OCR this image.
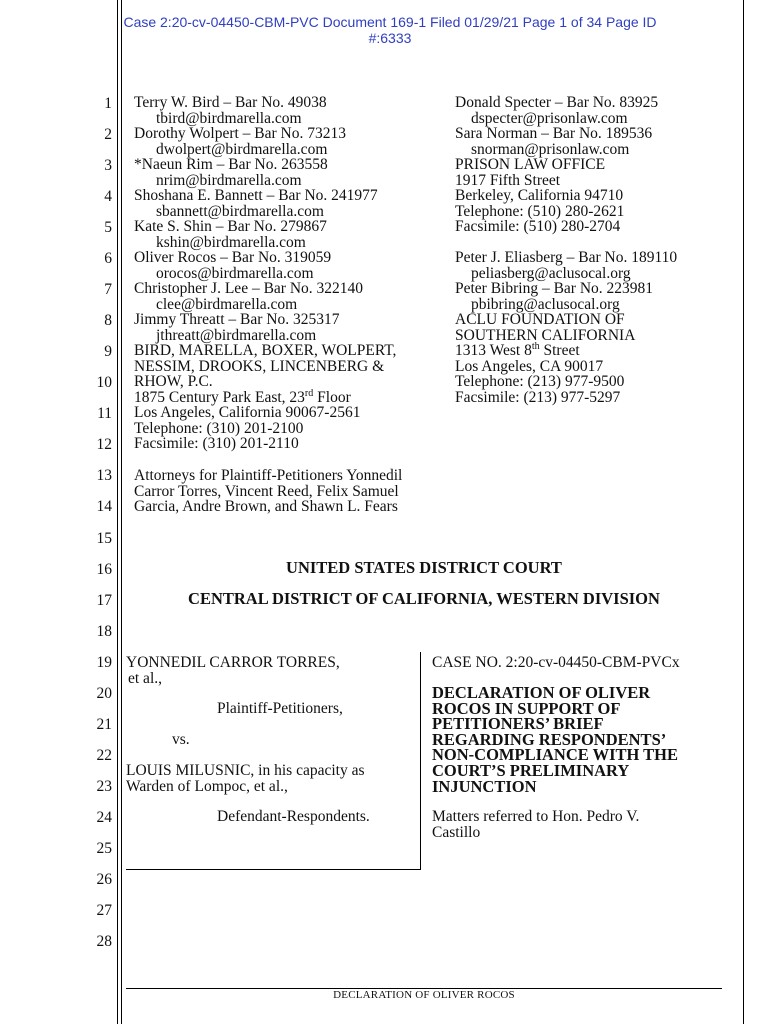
Case 2:20-cv-04450-CBM-PVC Document 169-1 Filed 01/29/21 Page 1 of 34 Page ID
#:6333
1
2
3
4
5
6
7
8
9
10
11
12
13
14
15
16
17
18
19
20
21
22
23
24
25
26
27
28
Terry W. Bird – Bar No. 49038
tbird@birdmarella.com
Dorothy Wolpert – Bar No. 73213
dwolpert@birdmarella.com
*Naeun Rim – Bar No. 263558
nrim@birdmarella.com
Shoshana E. Bannett – Bar No. 241977
sbannett@birdmarella.com
Kate S. Shin – Bar No. 279867
kshin@birdmarella.com
Oliver Rocos – Bar No. 319059
orocos@birdmarella.com
Christopher J. Lee – Bar No. 322140
clee@birdmarella.com
Jimmy Threatt – Bar No. 325317
jthreatt@birdmarella.com
BIRD, MARELLA, BOXER, WOLPERT,
NESSIM, DROOKS, LINCENBERG &
RHOW, P.C.
1875 Century Park East, 23rd Floor
Los Angeles, California 90067-2561
Telephone: (310) 201-2100
Facsimile: (310) 201-2110
Donald Specter – Bar No. 83925
dspecter@prisonlaw.com
Sara Norman – Bar No. 189536
snorman@prisonlaw.com
PRISON LAW OFFICE
1917 Fifth Street
Berkeley, California 94710
Telephone: (510) 280-2621
Facsimile: (510) 280-2704
Peter J. Eliasberg – Bar No. 189110
peliasberg@aclusocal.org
Peter Bibring – Bar No. 223981
pbibring@aclusocal.org
ACLU FOUNDATION OF
SOUTHERN CALIFORNIA
1313 West 8th Street
Los Angeles, CA 90017
Telephone: (213) 977-9500
Facsimile: (213) 977-5297
Attorneys for Plaintiff-Petitioners Yonnedil
Carror Torres, Vincent Reed, Felix Samuel
Garcia, Andre Brown, and Shawn L. Fears
UNITED STATES DISTRICT COURT
CENTRAL DISTRICT OF CALIFORNIA, WESTERN DIVISION
YONNEDIL CARROR TORRES,
et al.,
Plaintiff-Petitioners,
vs.
LOUIS MILUSNIC, in his capacity as
Warden of Lompoc, et al.,
Defendant-Respondents.
CASE NO. 2:20-cv-04450-CBM-PVCx
DECLARATION OF OLIVER
ROCOS IN SUPPORT OF
PETITIONERS’ BRIEF
REGARDING RESPONDENTS’
NON-COMPLIANCE WITH THE
COURT’S PRELIMINARY
INJUNCTION
Matters referred to Hon. Pedro V.
Castillo
DECLARATION OF OLIVER ROCOS
